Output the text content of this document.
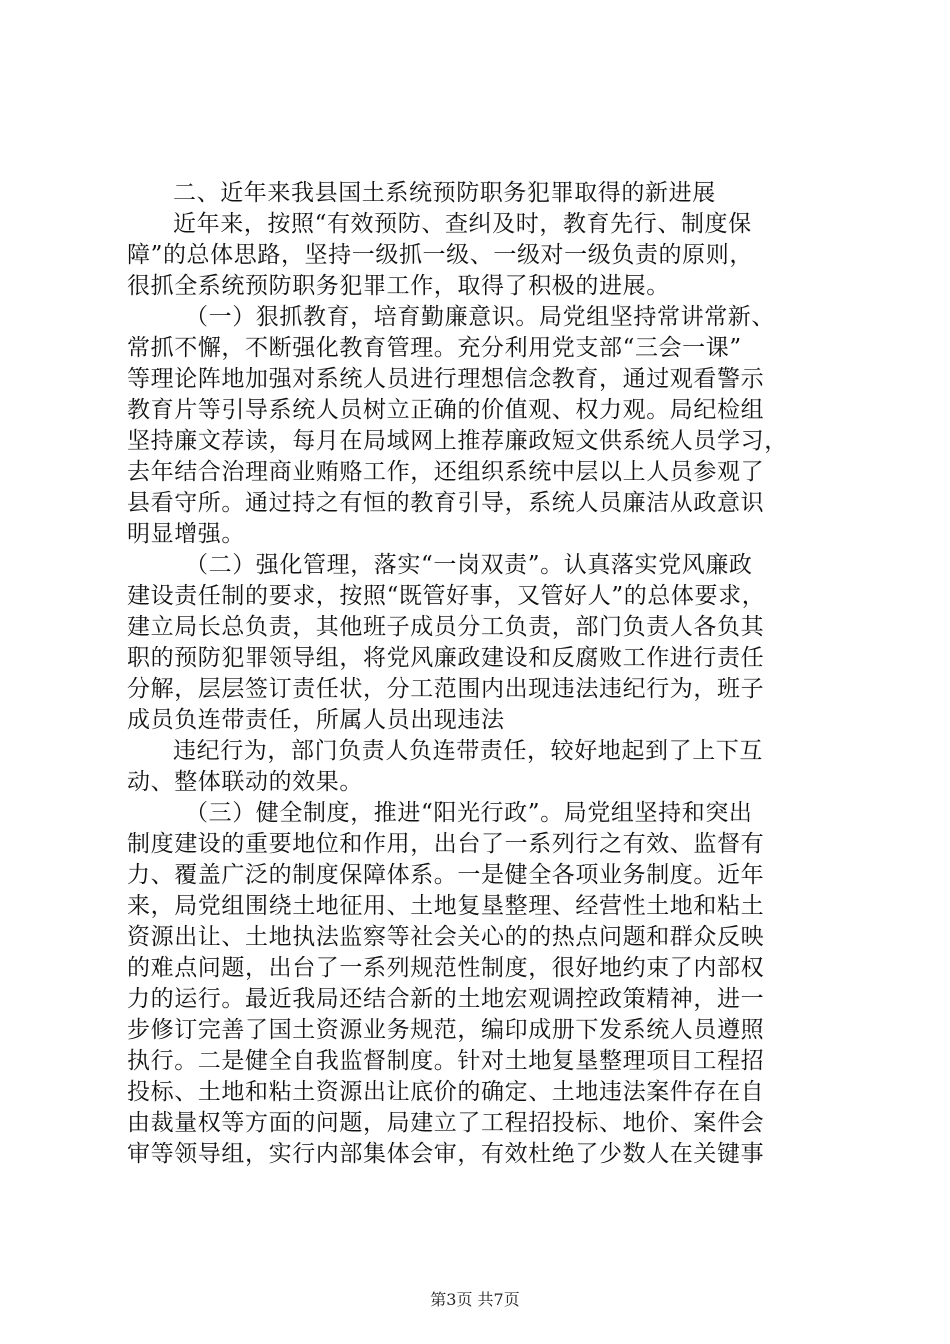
二、近年来我县国土系统预防职务犯罪取得的新进展
近年来，按照“有效预防、查纠及时，教育先行、制度保
障”的总体思路，坚持一级抓一级、一级对一级负责的原则，
很抓全系统预防职务犯罪工作，取得了积极的进展。
（一）狠抓教育，培育勤廉意识。局党组坚持常讲常新、
常抓不懈，不断强化教育管理。充分利用党支部“三会一课”
等理论阵地加强对系统人员进行理想信念教育，通过观看警示
教育片等引导系统人员树立正确的价值观、权力观。局纪检组
坚持廉文荐读，每月在局域网上推荐廉政短文供系统人员学习，
去年结合治理商业贿赂工作，还组织系统中层以上人员参观了
县看守所。通过持之有恒的教育引导，系统人员廉洁从政意识
明显增强。
（二）强化管理，落实“一岗双责”。认真落实党风廉政
建设责任制的要求，按照“既管好事，又管好人”的总体要求，
建立局长总负责，其他班子成员分工负责，部门负责人各负其
职的预防犯罪领导组，将党风廉政建设和反腐败工作进行责任
分解，层层签订责任状，分工范围内出现违法违纪行为，班子
成员负连带责任，所属人员出现违法
违纪行为，部门负责人负连带责任，较好地起到了上下互
动、整体联动的效果。
（三）健全制度，推进“阳光行政”。局党组坚持和突出
制度建设的重要地位和作用，出台了一系列行之有效、监督有
力、覆盖广泛的制度保障体系。一是健全各项业务制度。近年
来，局党组围绕土地征用、土地复垦整理、经营性土地和粘土
资源出让、土地执法监察等社会关心的的热点问题和群众反映
的难点问题，出台了一系列规范性制度，很好地约束了内部权
力的运行。最近我局还结合新的土地宏观调控政策精神，进一
步修订完善了国土资源业务规范，编印成册下发系统人员遵照
执行。二是健全自我监督制度。针对土地复垦整理项目工程招
投标、土地和粘土资源出让底价的确定、土地违法案件存在自
由裁量权等方面的问题，局建立了工程招投标、地价、案件会
审等领导组，实行内部集体会审，有效杜绝了少数人在关键事
第3页 共7页
